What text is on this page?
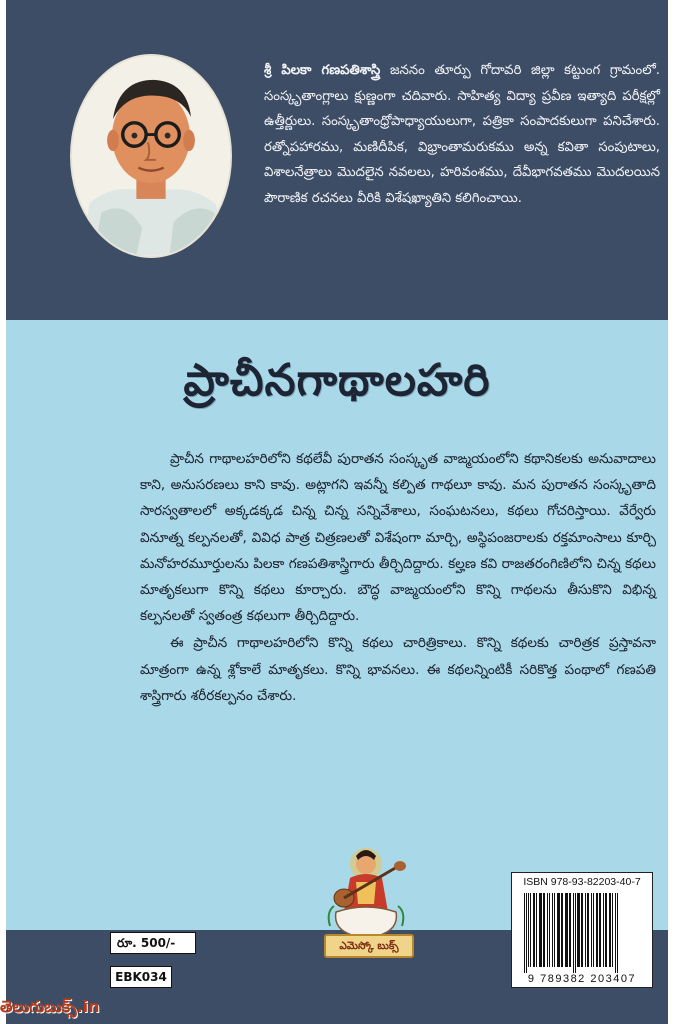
శ్రీ పిలకా గణపతిశాస్త్రి జననం తూర్పు గోదావరి జిల్లా కట్టుంగ గ్రామంలో. సంస్కృతాంగ్లాలు క్షుణ్ణంగా చదివారు. సాహిత్య విద్యా ప్రవీణ ఇత్యాది పరీక్షల్లో ఉత్తీర్ణులు. సంస్కృతాంధ్రోపాధ్యాయులుగా, పత్రికా సంపాదకులుగా పనిచేశారు. రత్నోపహారము, మణిదీపిక, విభ్రాంతామరుకము అన్న కవితా సంపుటాలు, విశాలనేత్రాలు మొదలైన నవలలు, హరివంశము, దేవీభాగవతము మొదలయిన పౌరాణిక రచనలు వీరికి విశేషఖ్యాతిని కలిగించాయి.
ప్రాచీనగాథాలహరి

ప్రాచీన గాథాలహరిలోని కథలేవీ పురాతన సంస్కృత వాఙ్మయంలోని కథానికలకు అనువాదాలు కాని, అనుసరణలు కాని కావు. అట్లాగని ఇవన్నీ కల్పిత గాథలూ కావు. మన పురాతన సంస్కృతాది సారస్వతాలలో అక్కడక్కడ చిన్న చిన్న సన్నివేశాలు, సంఘటనలు, కథలు గోచరిస్తాయి. వేర్వేరు వినూత్న కల్పనలతో, వివిధ పాత్ర చిత్రణలతో విశేషంగా మార్చి, అస్థిపంజరాలకు రక్తమాంసాలు కూర్చి మనోహరమూర్తులను పిలకా గణపతిశాస్త్రిగారు తీర్చిదిద్దారు. కల్హణ కవి రాజతరంగిణిలోని చిన్న కథలు మాతృకలుగా కొన్ని కథలు కూర్చారు. బౌద్ధ వాఙ్మయంలోని కొన్ని గాథలను తీసుకొని విభిన్న కల్పనలతో స్వతంత్ర కథలుగా తీర్చిదిద్దారు.

ఈ ప్రాచీన గాథాలహరిలోని కొన్ని కథలు చారిత్రికాలు. కొన్ని కథలకు చారిత్రక ప్రస్తావనా మాత్రంగా ఉన్న శ్లోకాలే మాతృకలు. కొన్ని భావనలు. ఈ కథలన్నింటికీ సరికొత్త పంథాలో గణపతి శాస్త్రిగారు శరీరకల్పనం చేశారు.

ఎమెస్కో బుక్స్
రూ. 500/-
EBK034
ISBN 978-93-82203-40-7
9 789382 203407
తెలుగుబుక్స్.in
